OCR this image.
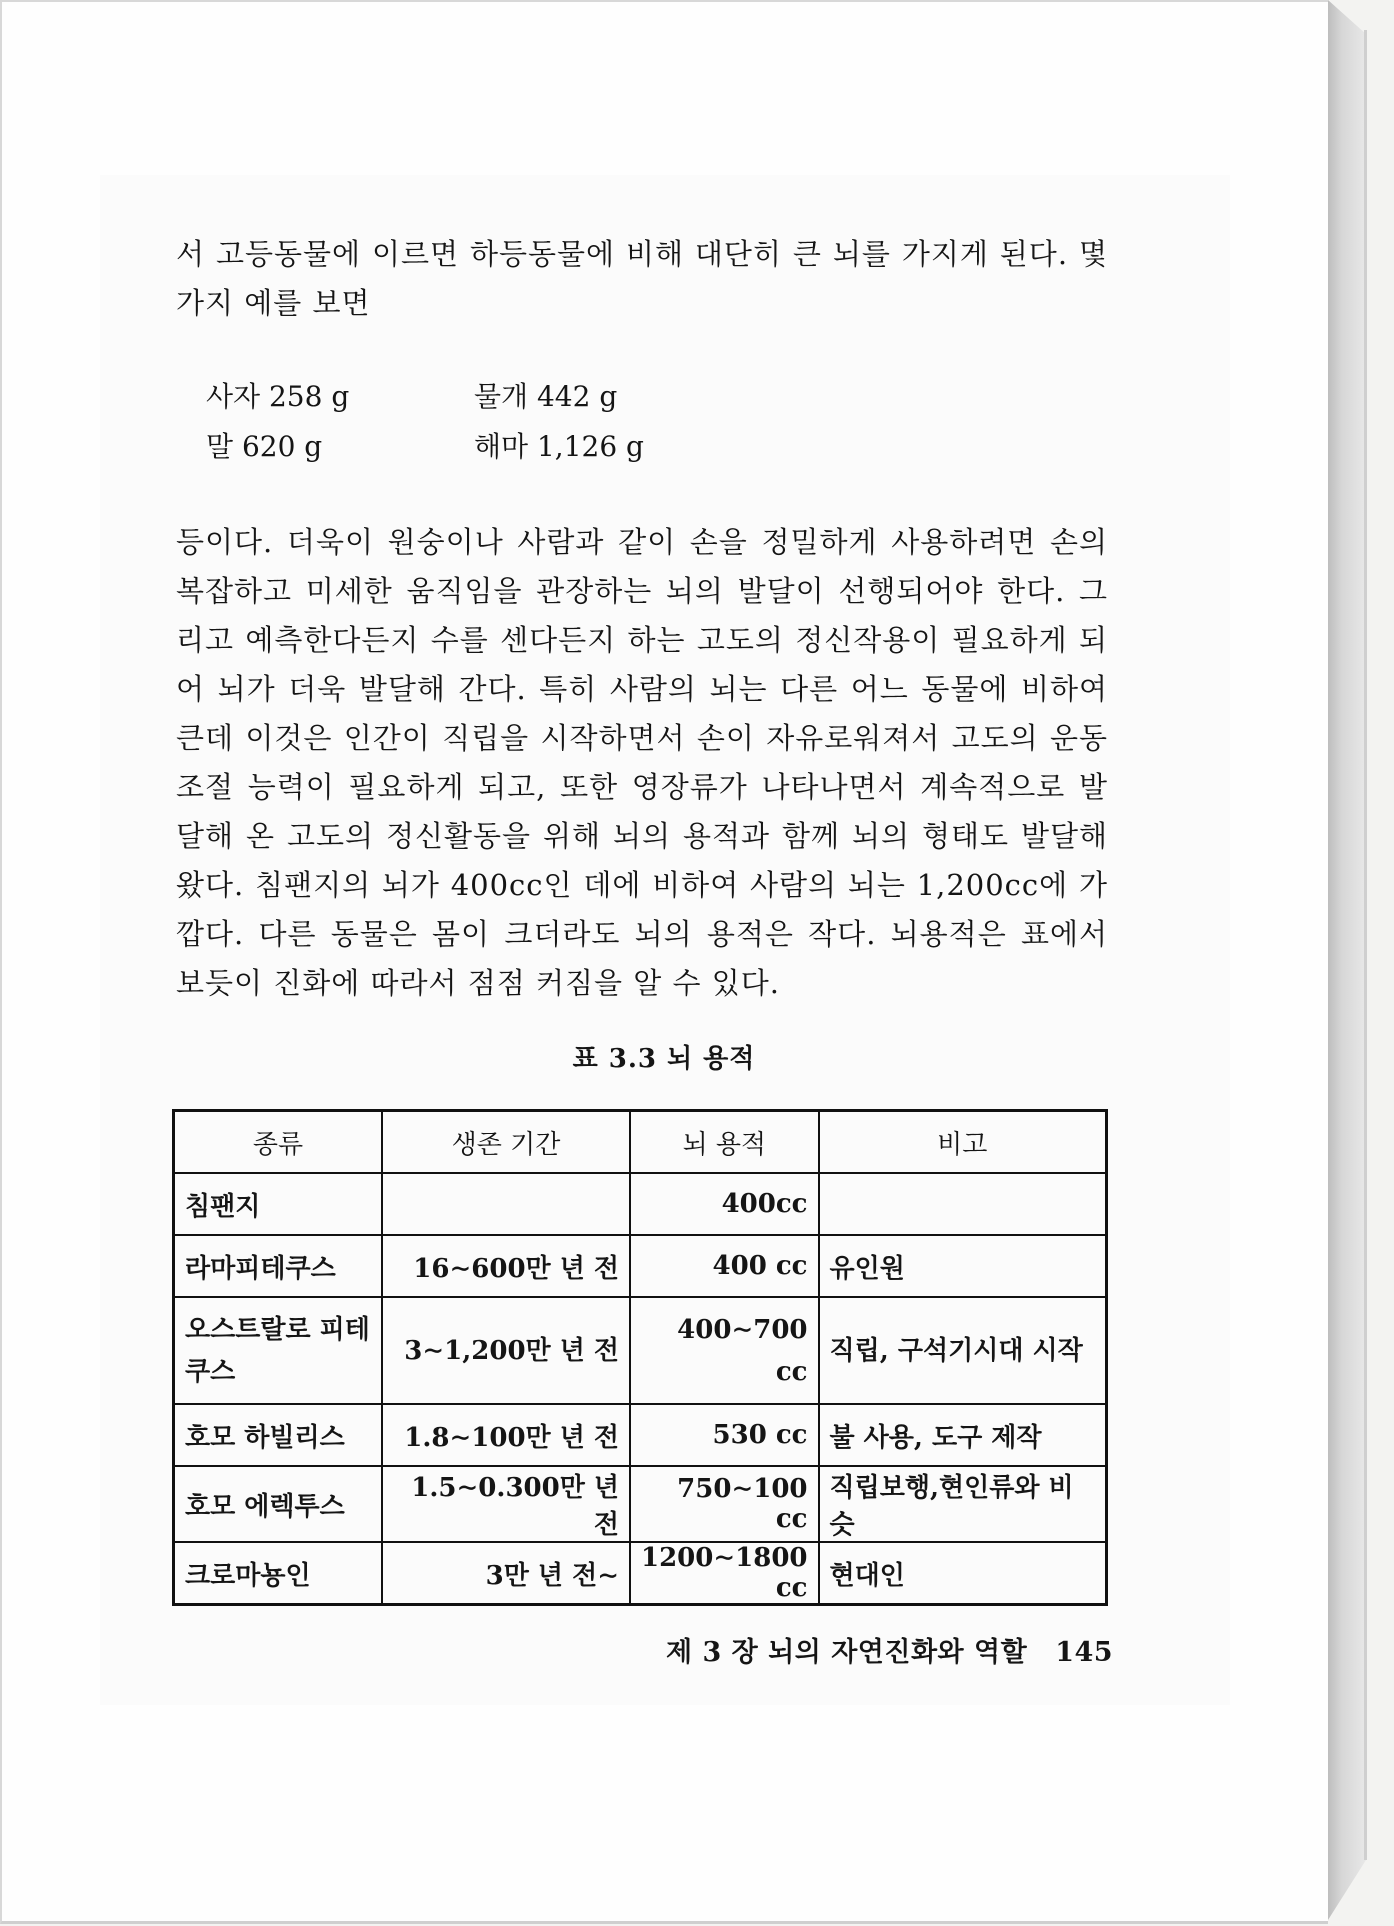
서 고등동물에 이르면 하등동물에 비해 대단히 큰 뇌를 가지게 된다. 몇 가지 예를 보면

사자 258 g	물개 442 g
말 620 g	해마 1,126 g

등이다. 더욱이 원숭이나 사람과 같이 손을 정밀하게 사용하려면 손의 복잡하고 미세한 움직임을 관장하는 뇌의 발달이 선행되어야 한다. 그리고 예측한다든지 수를 센다든지 하는 고도의 정신작용이 필요하게 되어 뇌가 더욱 발달해 간다. 특히 사람의 뇌는 다른 어느 동물에 비하여 큰데 이것은 인간이 직립을 시작하면서 손이 자유로워져서 고도의 운동조절 능력이 필요하게 되고, 또한 영장류가 나타나면서 계속적으로 발달해 온 고도의 정신활동을 위해 뇌의 용적과 함께 뇌의 형태도 발달해 왔다. 침팬지의 뇌가 400cc인 데에 비하여 사람의 뇌는 1,200cc에 가깝다. 다른 동물은 몸이 크더라도 뇌의 용적은 작다. 뇌용적은 표에서 보듯이 진화에 따라서 점점 커짐을 알 수 있다.

표 3.3 뇌 용적
종류	생존 기간	뇌 용적	비고
침팬지		400cc	
라마피테쿠스	16∼600만 년 전	400 cc	유인원
오스트랄로 피테쿠스	3∼1,200만 년 전	400∼700 cc	직립, 구석기시대 시작
호모 하빌리스	1.8∼100만 년 전	530 cc	불 사용, 도구 제작
호모 에렉투스	1.5∼0.300만 년 전	750∼100 cc	직립보행,현인류와 비슷
크로마뇽인	3만 년 전∼	1200∼1800 cc	현대인
제 3 장 뇌의 자연진화와 역할 145
